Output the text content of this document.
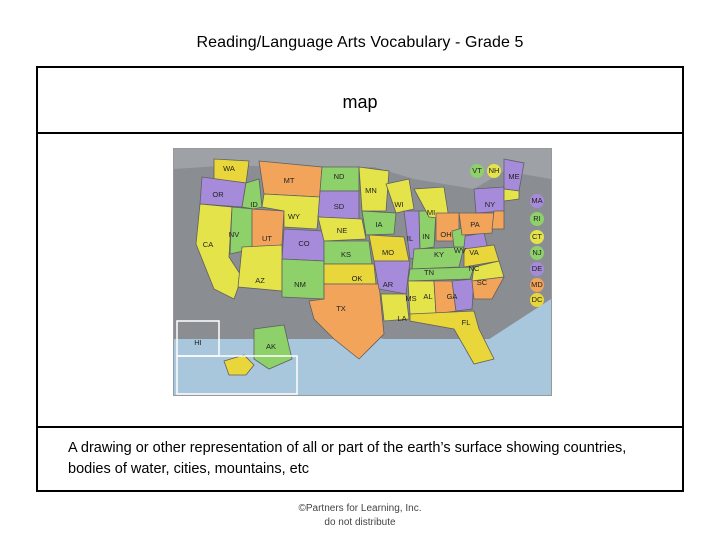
Reading/Language Arts Vocabulary - Grade 5
map
WA
MT	ND
MN
ME
VT NH
OR
ID	SD	WI
MI
NY	MA
WY
IA	PA
RI
NV	UT
CO
NE
IL IN OH	CT
CA
KS	MO	KY WV VA	NJ
AZ	NM
OK
AR
TN	NC	DE
MS AL GA
SC	MD
DC
TX
LA	FL
HI	AK
A drawing or other representation of all or part of the earth’s surface showing countries, bodies of water, cities, mountains, etc
©Partners for Learning, Inc.
do not distribute
